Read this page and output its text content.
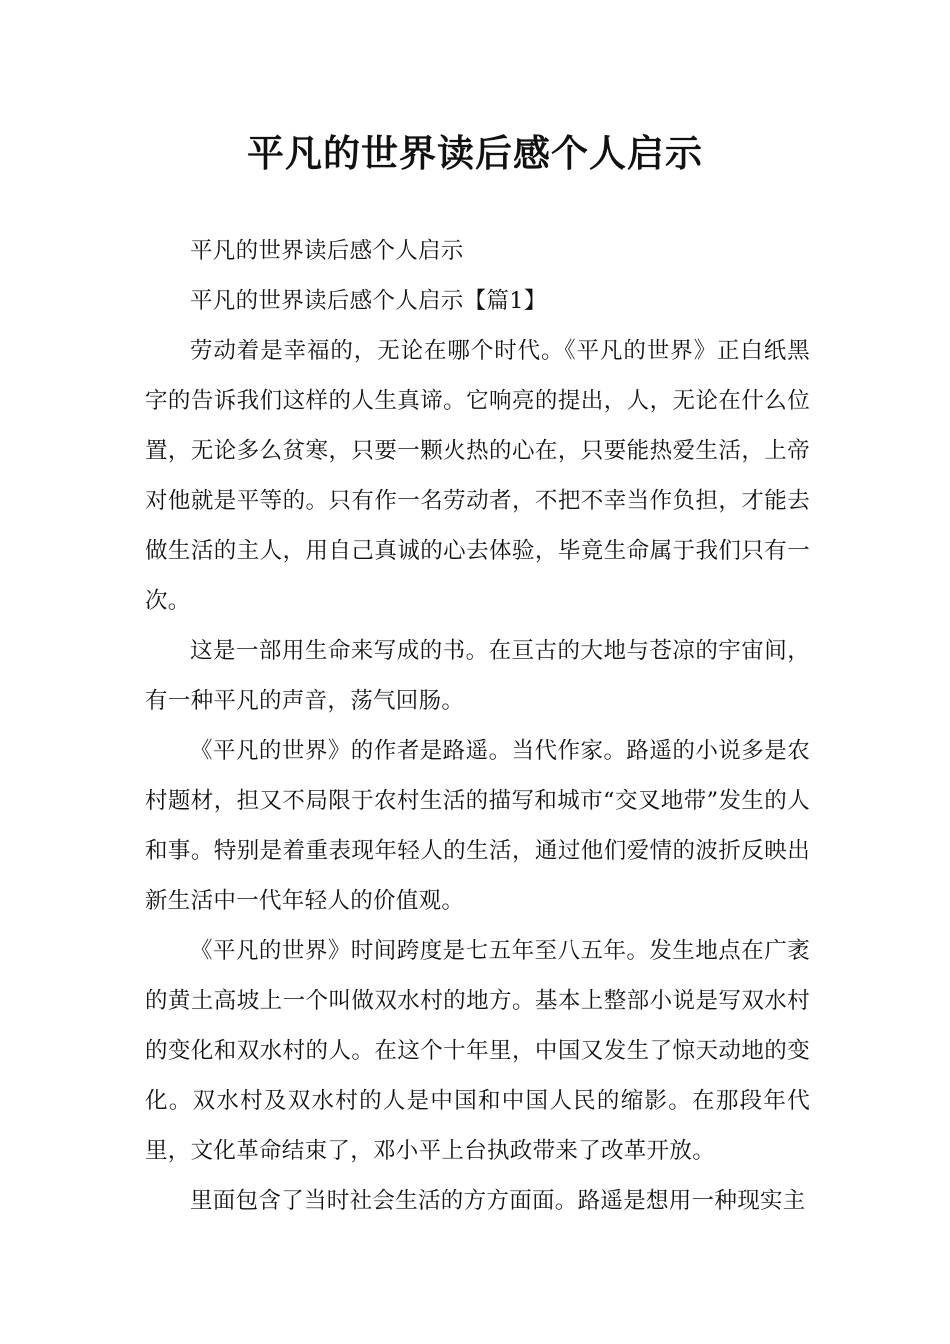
平凡的世界读后感个人启示

平凡的世界读后感个人启示

平凡的世界读后感个人启示【篇1】

劳动着是幸福的，无论在哪个时代。《平凡的世界》正白纸黑字的告诉我们这样的人生真谛。它响亮的提出，人，无论在什么位置，无论多么贫寒，只要一颗火热的心在，只要能热爱生活，上帝对他就是平等的。只有作一名劳动者，不把不幸当作负担，才能去做生活的主人，用自己真诚的心去体验，毕竟生命属于我们只有一次。

这是一部用生命来写成的书。在亘古的大地与苍凉的宇宙间，有一种平凡的声音，荡气回肠。

《平凡的世界》的作者是路遥。当代作家。路遥的小说多是农村题材，担又不局限于农村生活的描写和城市“交叉地带”发生的人和事。特别是着重表现年轻人的生活，通过他们爱情的波折反映出新生活中一代年轻人的价值观。

《平凡的世界》时间跨度是七五年至八五年。发生地点在广袤的黄土高坡上一个叫做双水村的地方。基本上整部小说是写双水村的变化和双水村的人。在这个十年里，中国又发生了惊天动地的变化。双水村及双水村的人是中国和中国人民的缩影。在那段年代里，文化革命结束了，邓小平上台执政带来了改革开放。

里面包含了当时社会生活的方方面面。路遥是想用一种现实主
